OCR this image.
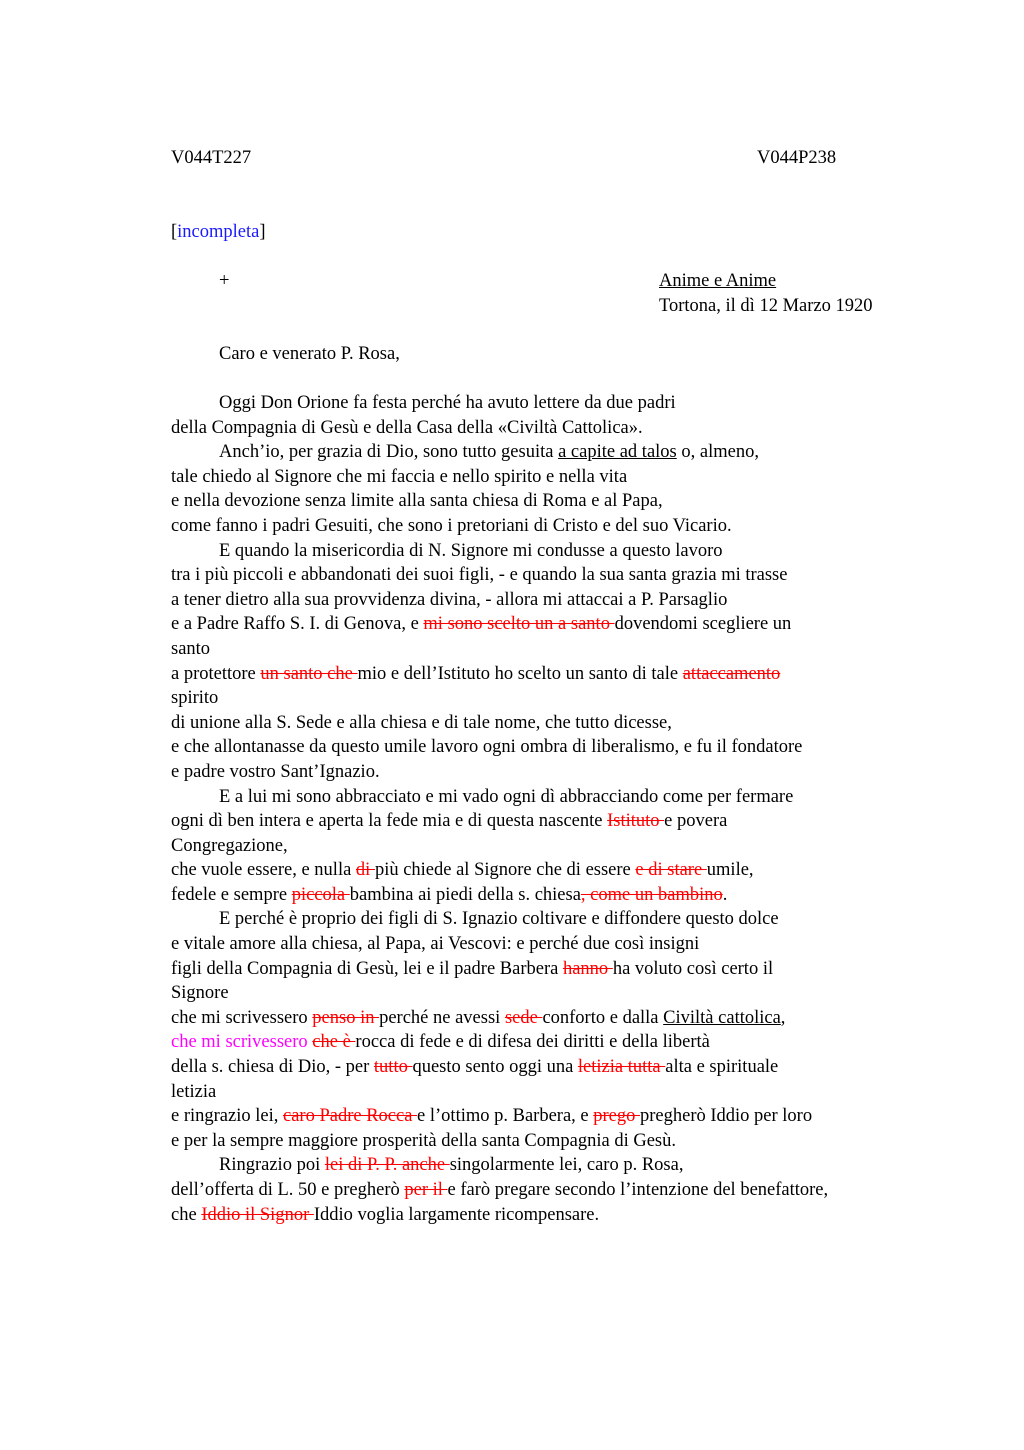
V044T227	V044P238
[incompleta]
+	Anime e Anime
Tortona, il dì 12 Marzo 1920
Caro e venerato P. Rosa,
Oggi Don Orione fa festa perché ha avuto lettere da due padri
della Compagnia di Gesù e della Casa della «Civiltà Cattolica».
Anch’io, per grazia di Dio, sono tutto gesuita a capite ad talos o, almeno,
tale chiedo al Signore che mi faccia e nello spirito e nella vita
e nella devozione senza limite alla santa chiesa di Roma e al Papa,
come fanno i padri Gesuiti, che sono i pretoriani di Cristo e del suo Vicario.
E quando la misericordia di N. Signore mi condusse a questo lavoro
tra i più piccoli e abbandonati dei suoi figli, - e quando la sua santa grazia mi trasse
a tener dietro alla sua provvidenza divina, - allora mi attaccai a P. Parsaglio
e a Padre Raffo S. I. di Genova, e mi sono scelto un a santo dovendomi scegliere un
santo
a protettore un santo che mio e dell’Istituto ho scelto un santo di tale attaccamento
spirito
di unione alla S. Sede e alla chiesa e di tale nome, che tutto dicesse,
e che allontanasse da questo umile lavoro ogni ombra di liberalismo, e fu il fondatore
e padre vostro Sant’Ignazio.
E a lui mi sono abbracciato e mi vado ogni dì abbracciando come per fermare
ogni dì ben intera e aperta la fede mia e di questa nascente Istituto e povera
Congregazione,
che vuole essere, e nulla di più chiede al Signore che di essere e di stare umile,
fedele e sempre piccola bambina ai piedi della s. chiesa, come un bambino.
E perché è proprio dei figli di S. Ignazio coltivare e diffondere questo dolce
e vitale amore alla chiesa, al Papa, ai Vescovi: e perché due così insigni
figli della Compagnia di Gesù, lei e il padre Barbera hanno ha voluto così certo il
Signore
che mi scrivessero penso in perché ne avessi sede conforto e dalla Civiltà cattolica,
che mi scrivessero che è rocca di fede e di difesa dei diritti e della libertà
della s. chiesa di Dio, - per tutto questo sento oggi una letizia tutta alta e spirituale
letizia
e ringrazio lei, caro Padre Rocca e l’ottimo p. Barbera, e prego pregherò Iddio per loro
e per la sempre maggiore prosperità della santa Compagnia di Gesù.
Ringrazio poi lei di P. P. anche singolarmente lei, caro p. Rosa,
dell’offerta di L. 50 e pregherò per il e farò pregare secondo l’intenzione del benefattore,
che Iddio il Signor Iddio voglia largamente ricompensare.
